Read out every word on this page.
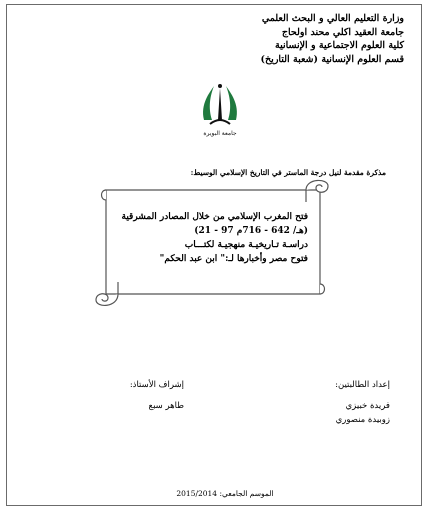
وزارة التعليم العالي و البحث العلمي
جامعة العقيد اكلي محند اولحاج
كلية العلوم الاجتماعية و الإنسانية
قسم العلوم الإنسانية (شعبة التاريخ)
جامعة البويرة
مذكرة مقدمة لنيل درجة الماستر في التاريخ الإسلامي الوسيط:
فتح المغرب الإسلامي من خلال المصادر المشرقية
(21 - 97 هـ/ 642 - 716م)
دراسـة تـاريخيـة منهجيـة لكتـــاب
فتوح مصر وأخبارها لـ:" ابن عبد الحكم"
إعداد الطالبتين:
فريدة خبيزي
زوبيدة منصوري
إشراف الأستاذ:
طاهر سبع
الموسم الجامعي: 2015/2014
